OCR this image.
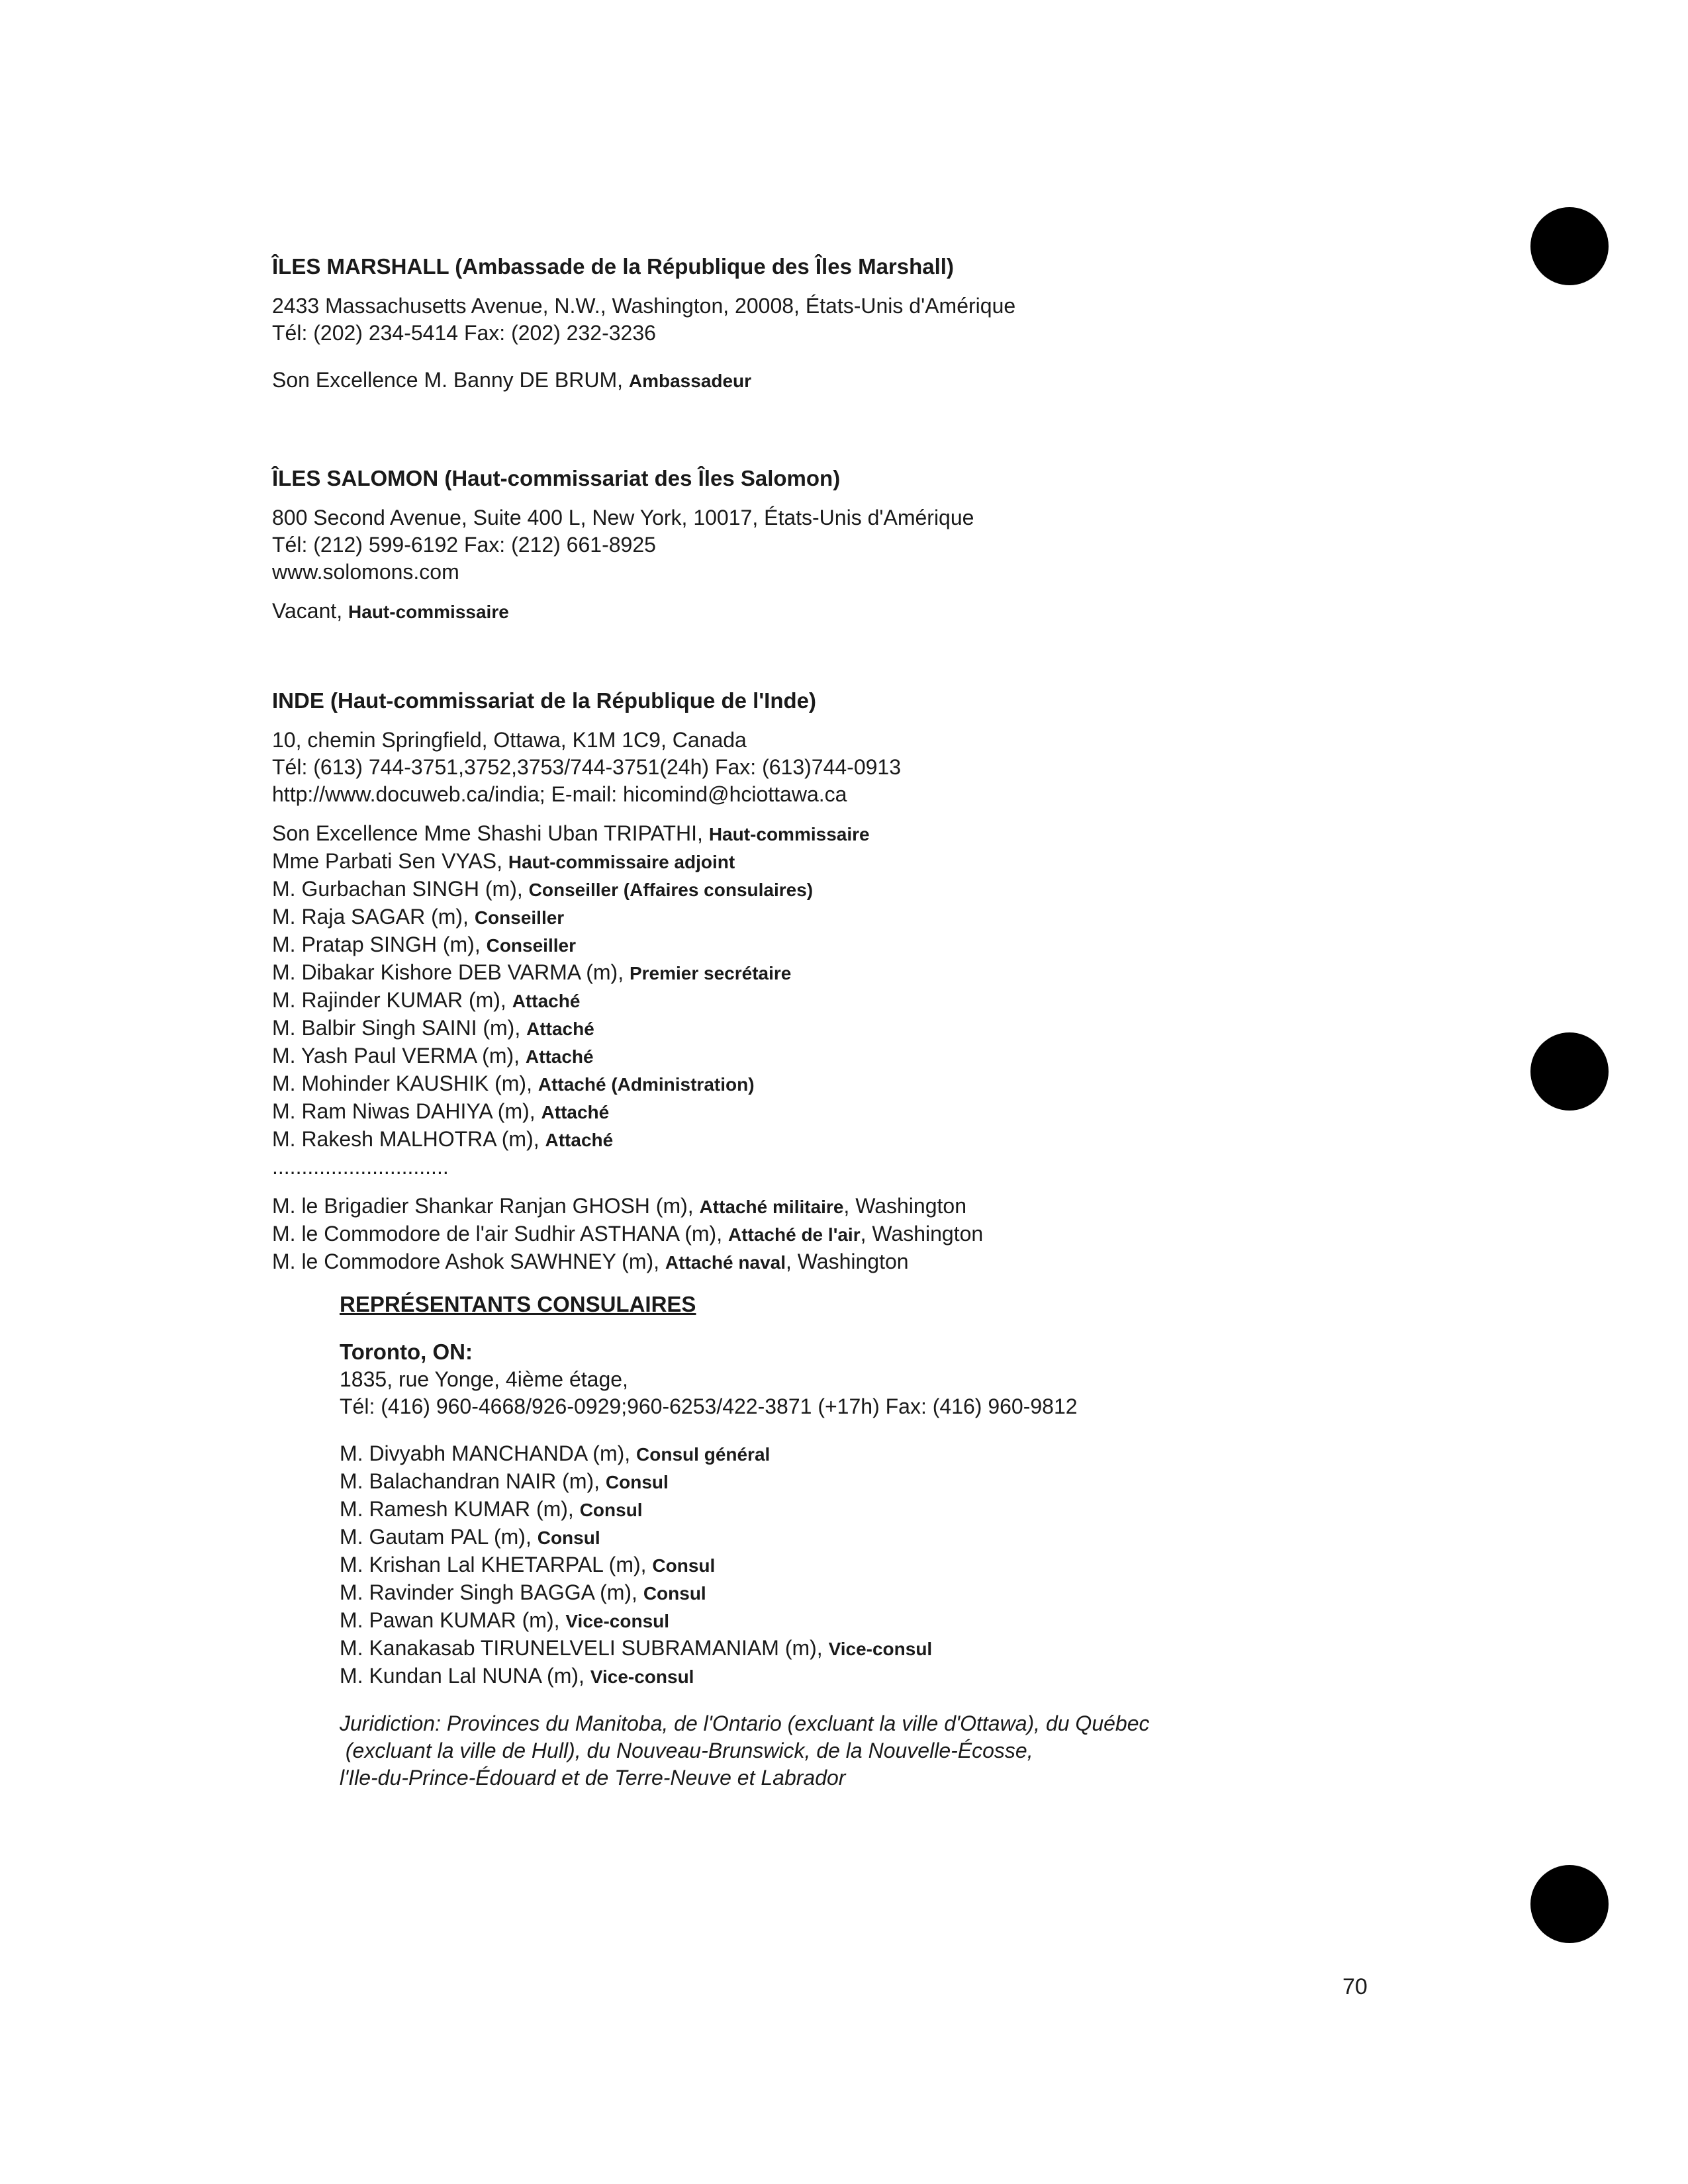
ÎLES MARSHALL (Ambassade de la République des Îles Marshall)

2433 Massachusetts Avenue, N.W., Washington, 20008, États-Unis d'Amérique

Tél: (202) 234-5414 Fax: (202) 232-3236

Son Excellence M. Banny DE BRUM, Ambassadeur

ÎLES SALOMON (Haut-commissariat des Îles Salomon)

800 Second Avenue, Suite 400 L, New York, 10017, États-Unis d'Amérique

Tél: (212) 599-6192 Fax: (212) 661-8925

www.solomons.com

Vacant, Haut-commissaire

INDE (Haut-commissariat de la République de l'Inde)

10, chemin Springfield, Ottawa, K1M 1C9, Canada

Tél: (613) 744-3751,3752,3753/744-3751(24h) Fax: (613)744-0913

http://www.docuweb.ca/india; E-mail: hicomind@hciottawa.ca

Son Excellence Mme Shashi Uban TRIPATHI, Haut-commissaire

Mme Parbati Sen VYAS, Haut-commissaire adjoint

M. Gurbachan SINGH (m), Conseiller (Affaires consulaires)

M. Raja SAGAR (m), Conseiller

M. Pratap SINGH (m), Conseiller

M. Dibakar Kishore DEB VARMA (m), Premier secrétaire

M. Rajinder KUMAR (m), Attaché

M. Balbir Singh SAINI (m), Attaché

M. Yash Paul VERMA (m), Attaché

M. Mohinder KAUSHIK (m), Attaché (Administration)

M. Ram Niwas DAHIYA (m), Attaché

M. Rakesh MALHOTRA (m), Attaché

..............................

M. le Brigadier Shankar Ranjan GHOSH (m), Attaché militaire, Washington

M. le Commodore de l'air Sudhir ASTHANA (m), Attaché de l'air, Washington

M. le Commodore Ashok SAWHNEY (m), Attaché naval, Washington

REPRÉSENTANTS CONSULAIRES

Toronto, ON:

1835, rue Yonge, 4ième étage,

Tél: (416) 960-4668/926-0929;960-6253/422-3871 (+17h) Fax: (416) 960-9812

M. Divyabh MANCHANDA (m), Consul général

M. Balachandran NAIR (m), Consul

M. Ramesh KUMAR (m), Consul

M. Gautam PAL (m), Consul

M. Krishan Lal KHETARPAL (m), Consul

M. Ravinder Singh BAGGA (m), Consul

M. Pawan KUMAR (m), Vice-consul

M. Kanakasab TIRUNELVELI SUBRAMANIAM (m), Vice-consul

M. Kundan Lal NUNA (m), Vice-consul

Juridiction: Provinces du Manitoba, de l'Ontario (excluant la ville d'Ottawa), du Québec

(excluant la ville de Hull), du Nouveau-Brunswick, de la Nouvelle-Écosse,

l'Ile-du-Prince-Édouard et de Terre-Neuve et Labrador

70
